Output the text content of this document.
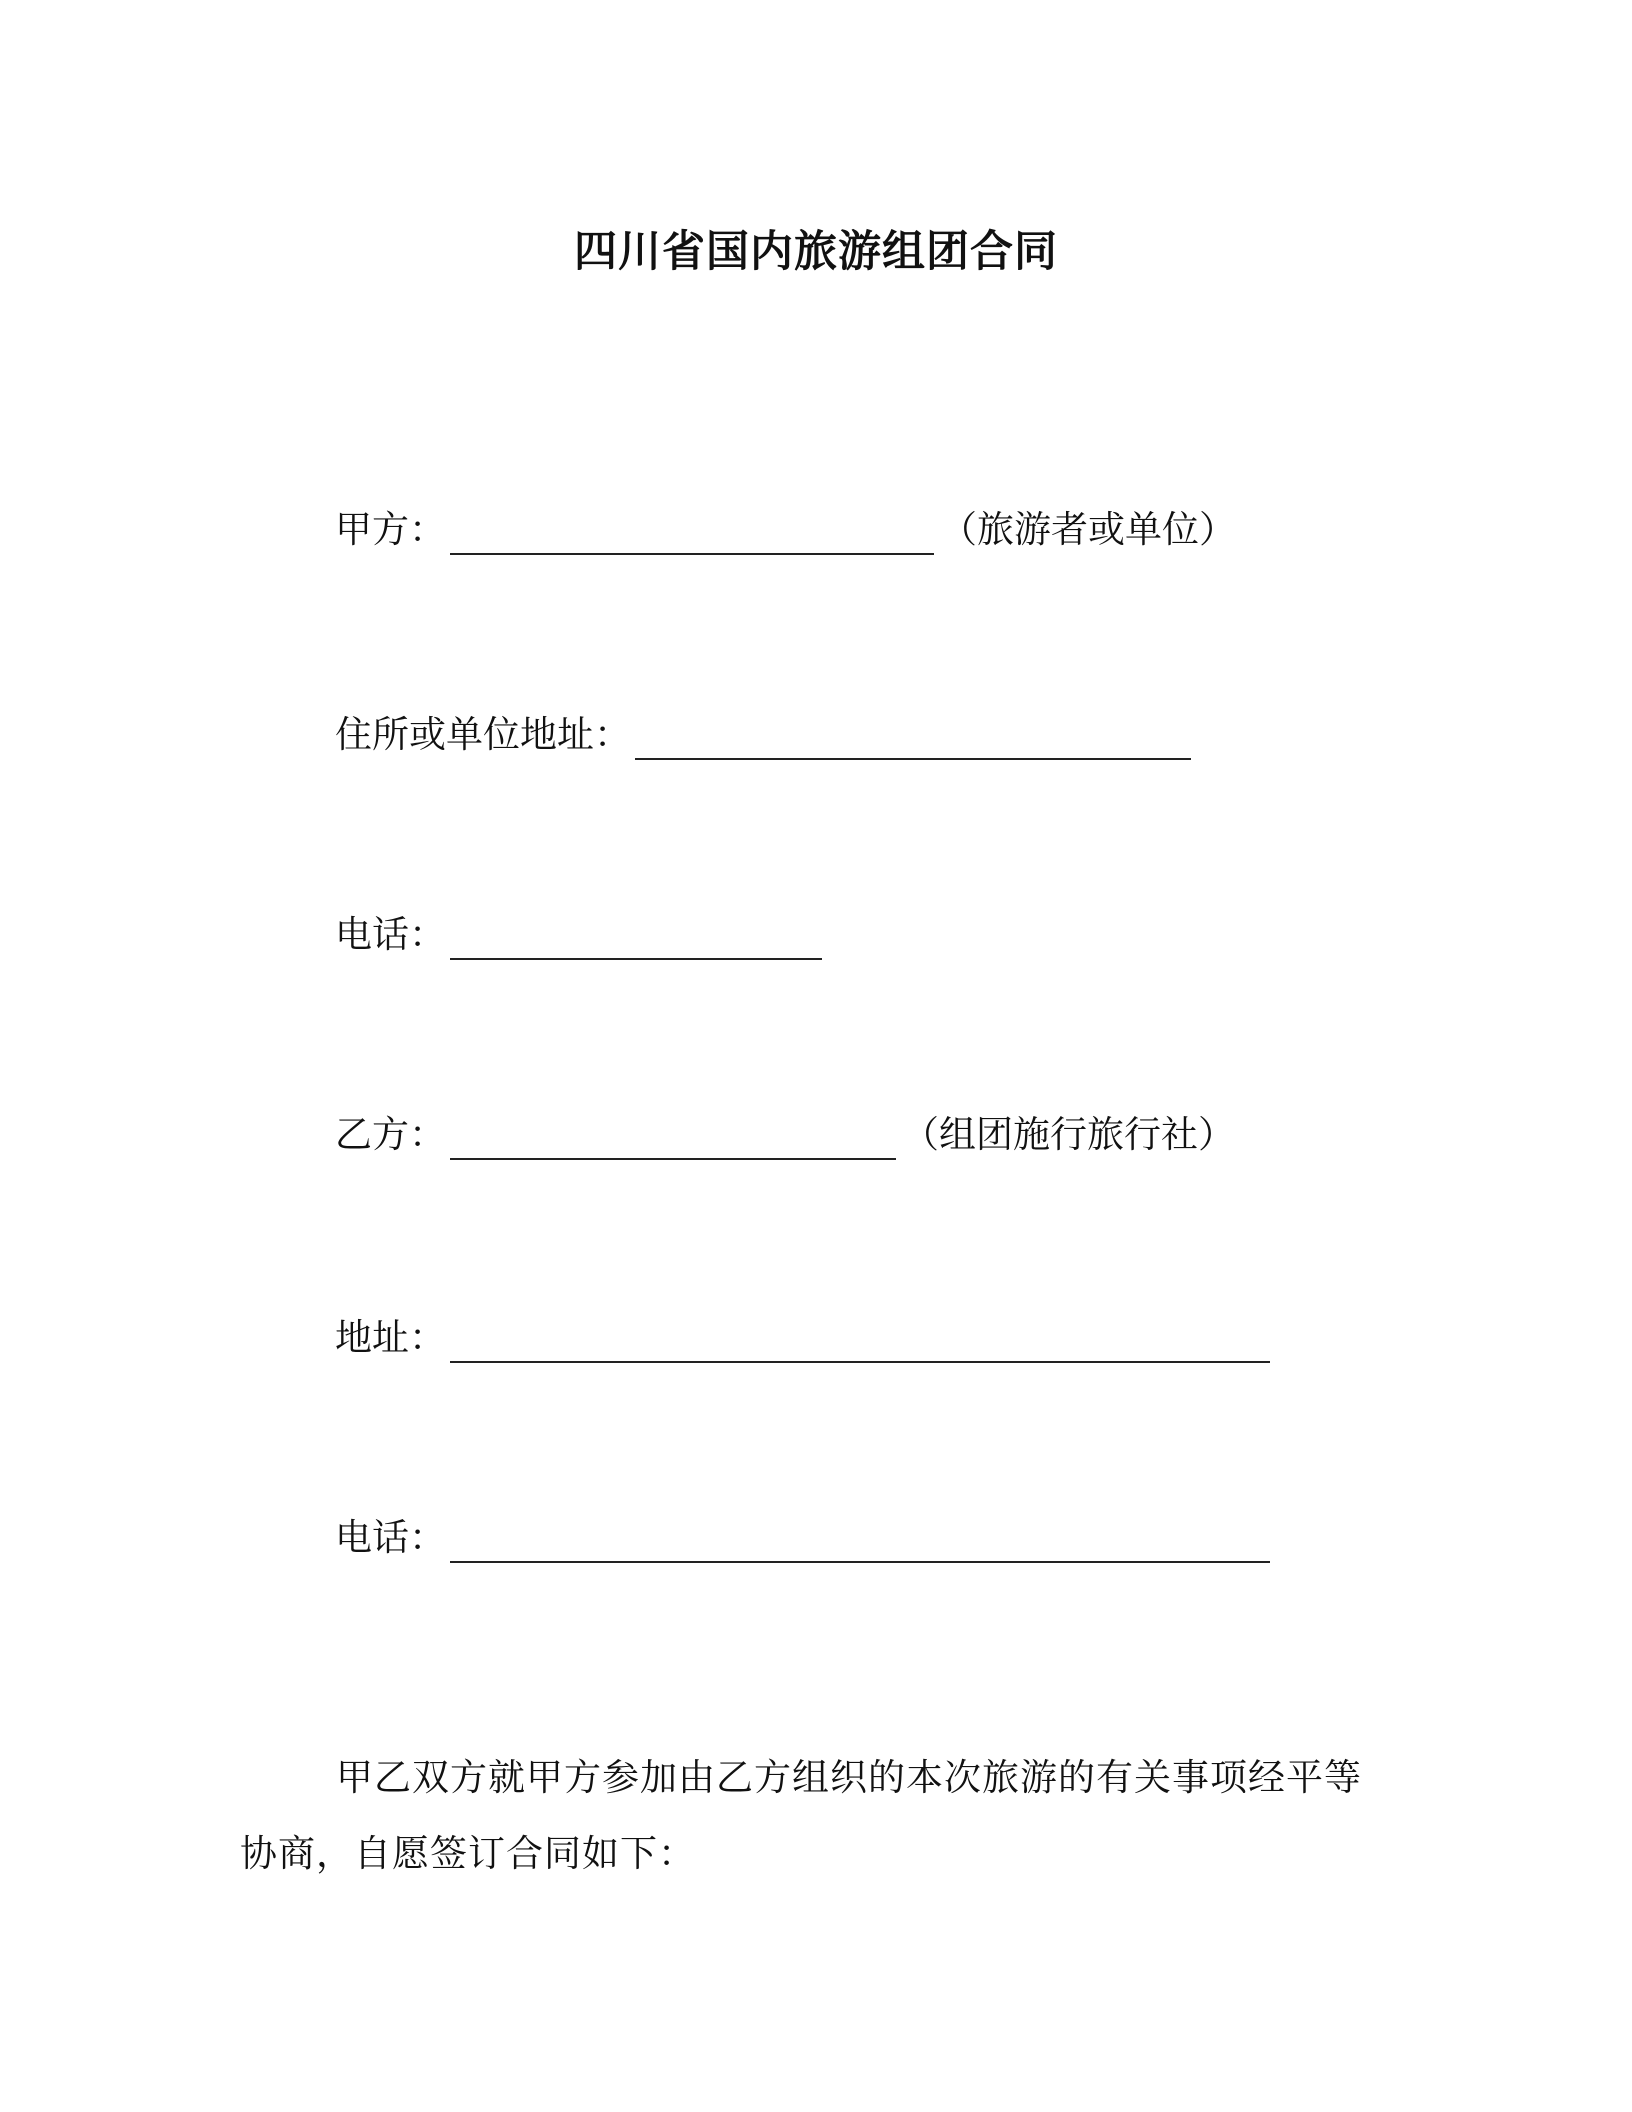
四川省国内旅游组团合同
甲方：	（旅游者或单位）
住所或单位地址：
电话：
乙方：	（组团施行旅行社）
地址：
电话：

甲乙双方就甲方参加由乙方组织的本次旅游的有关事项经平等协商，自愿签订合同如下：
